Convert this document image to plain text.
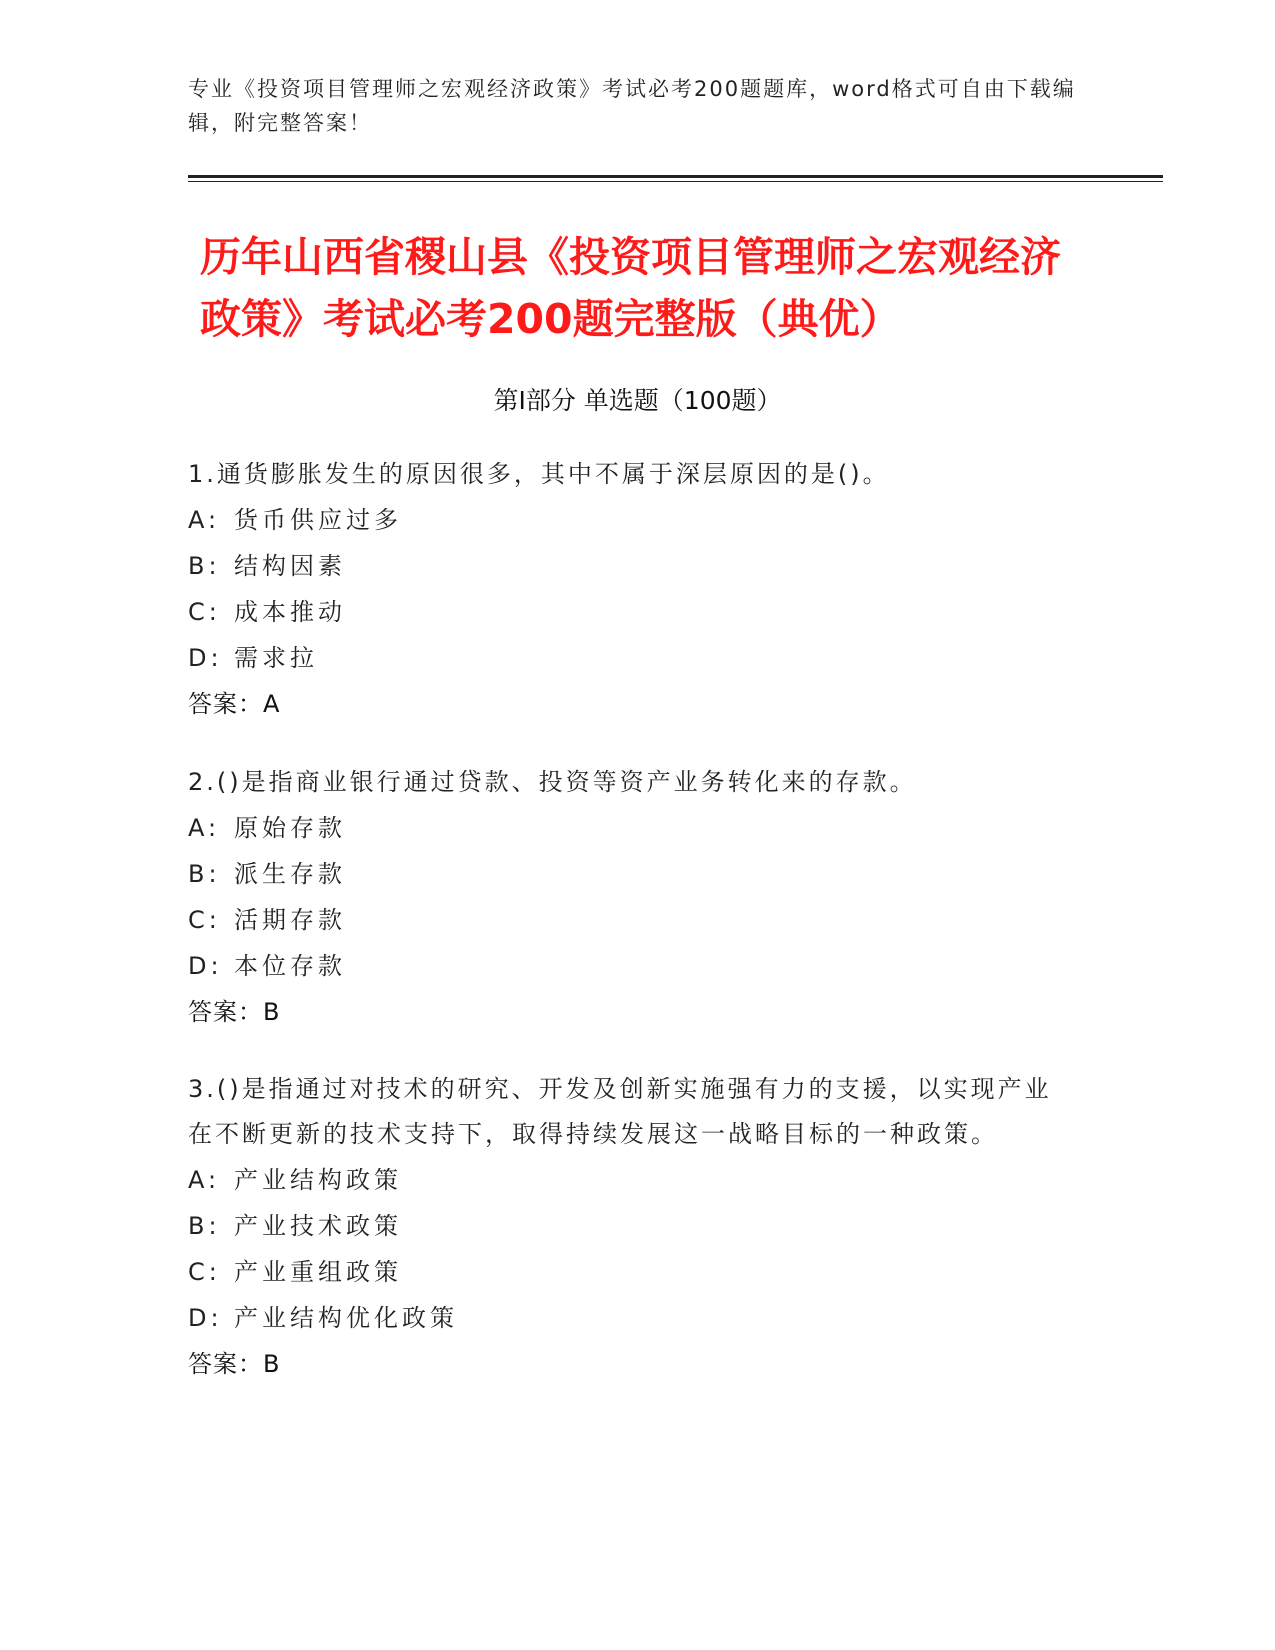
专业《投资项目管理师之宏观经济政策》考试必考200题题库，word格式可自由下载编辑，附完整答案！
历年山西省稷山县《投资项目管理师之宏观经济政策》考试必考200题完整版（典优）
第Ⅰ部分 单选题（100题）
1.通货膨胀发生的原因很多，其中不属于深层原因的是()。
A: 货币供应过多
B: 结构因素
C: 成本推动
D: 需求拉
答案：A
2.()是指商业银行通过贷款、投资等资产业务转化来的存款。
A: 原始存款
B: 派生存款
C: 活期存款
D: 本位存款
答案：B
3.()是指通过对技术的研究、开发及创新实施强有力的支援，以实现产业在不断更新的技术支持下，取得持续发展这一战略目标的一种政策。
A: 产业结构政策
B: 产业技术政策
C: 产业重组政策
D: 产业结构优化政策
答案：B
